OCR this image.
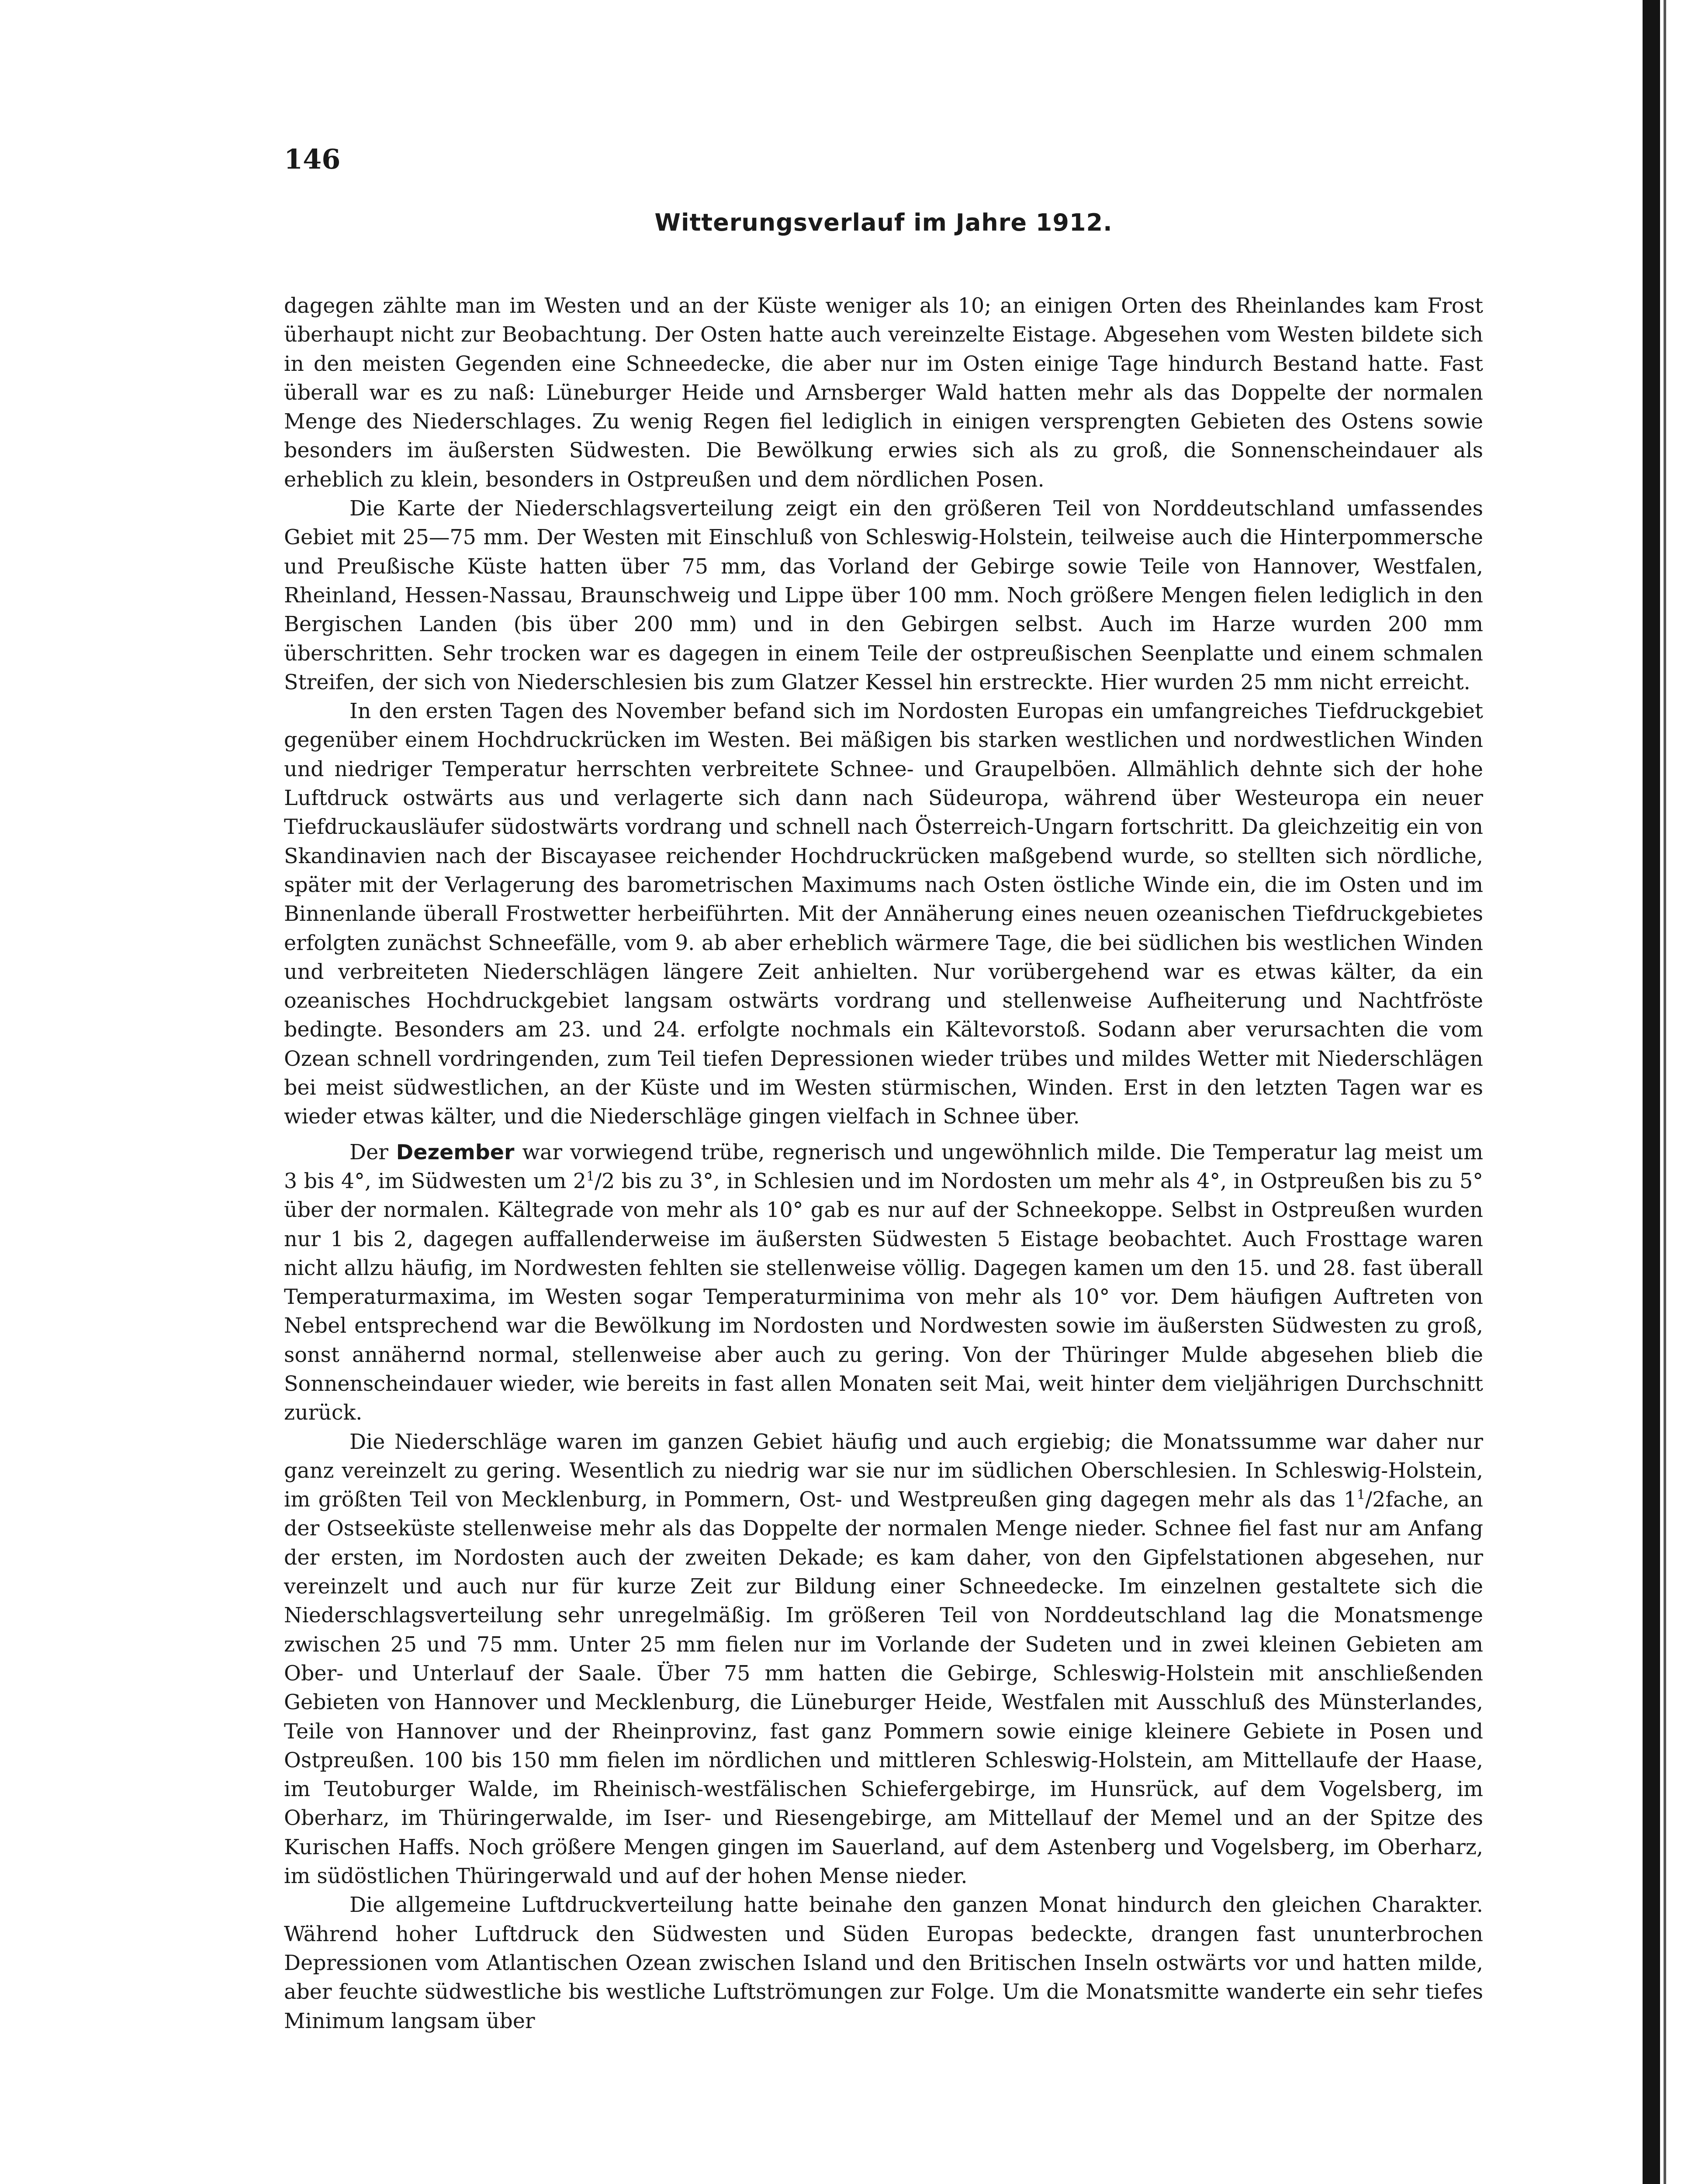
146
Witterungsverlauf im Jahre 1912.

dagegen zählte man im Westen und an der Küste weniger als 10; an einigen Orten des Rheinlandes kam Frost überhaupt nicht zur Beobachtung. Der Osten hatte auch vereinzelte Eistage. Abgesehen vom Westen bildete sich in den meisten Gegenden eine Schneedecke, die aber nur im Osten einige Tage hindurch Bestand hatte. Fast überall war es zu naß: Lüneburger Heide und Arnsberger Wald hatten mehr als das Doppelte der normalen Menge des Niederschlages. Zu wenig Regen fiel lediglich in einigen versprengten Gebieten des Ostens sowie besonders im äußersten Südwesten. Die Bewölkung erwies sich als zu groß, die Sonnenscheindauer als erheblich zu klein, besonders in Ostpreußen und dem nördlichen Posen.

Die Karte der Niederschlagsverteilung zeigt ein den größeren Teil von Norddeutschland umfassendes Gebiet mit 25—75 mm. Der Westen mit Einschluß von Schleswig-Holstein, teilweise auch die Hinterpommersche und Preußische Küste hatten über 75 mm, das Vorland der Gebirge sowie Teile von Hannover, Westfalen, Rheinland, Hessen-Nassau, Braunschweig und Lippe über 100 mm. Noch größere Mengen fielen lediglich in den Bergischen Landen (bis über 200 mm) und in den Gebirgen selbst. Auch im Harze wurden 200 mm überschritten. Sehr trocken war es dagegen in einem Teile der ostpreußischen Seenplatte und einem schmalen Streifen, der sich von Niederschlesien bis zum Glatzer Kessel hin erstreckte. Hier wurden 25 mm nicht erreicht.

In den ersten Tagen des November befand sich im Nordosten Europas ein umfangreiches Tiefdruckgebiet gegenüber einem Hochdruckrücken im Westen. Bei mäßigen bis starken westlichen und nordwestlichen Winden und niedriger Temperatur herrschten verbreitete Schnee- und Graupelböen. Allmählich dehnte sich der hohe Luftdruck ostwärts aus und verlagerte sich dann nach Südeuropa, während über Westeuropa ein neuer Tiefdruckausläufer südostwärts vordrang und schnell nach Österreich-Ungarn fortschritt. Da gleichzeitig ein von Skandinavien nach der Biscayasee reichender Hochdruckrücken maßgebend wurde, so stellten sich nördliche, später mit der Verlagerung des barometrischen Maximums nach Osten östliche Winde ein, die im Osten und im Binnenlande überall Frostwetter herbeiführten. Mit der Annäherung eines neuen ozeanischen Tiefdruckgebietes erfolgten zunächst Schneefälle, vom 9. ab aber erheblich wärmere Tage, die bei südlichen bis westlichen Winden und verbreiteten Niederschlägen längere Zeit anhielten. Nur vorübergehend war es etwas kälter, da ein ozeanisches Hochdruckgebiet langsam ostwärts vordrang und stellenweise Aufheiterung und Nachtfröste bedingte. Besonders am 23. und 24. erfolgte nochmals ein Kältevorstoß. Sodann aber verursachten die vom Ozean schnell vordringenden, zum Teil tiefen Depressionen wieder trübes und mildes Wetter mit Niederschlägen bei meist südwestlichen, an der Küste und im Westen stürmischen, Winden. Erst in den letzten Tagen war es wieder etwas kälter, und die Niederschläge gingen vielfach in Schnee über.

Der Dezember war vorwiegend trübe, regnerisch und ungewöhnlich milde. Die Temperatur lag meist um 3 bis 4°, im Südwesten um $2^1/2$ bis zu 3°, in Schlesien und im Nordosten um mehr als 4°, in Ostpreußen bis zu 5° über der normalen. Kältegrade von mehr als 10° gab es nur auf der Schneekoppe. Selbst in Ostpreußen wurden nur 1 bis 2, dagegen auffallenderweise im äußersten Südwesten 5 Eistage beobachtet. Auch Frosttage waren nicht allzu häufig, im Nordwesten fehlten sie stellenweise völlig. Dagegen kamen um den 15. und 28. fast überall Temperaturmaxima, im Westen sogar Temperaturminima von mehr als 10° vor. Dem häufigen Auftreten von Nebel entsprechend war die Bewölkung im Nordosten und Nordwesten sowie im äußersten Südwesten zu groß, sonst annähernd normal, stellenweise aber auch zu gering. Von der Thüringer Mulde abgesehen blieb die Sonnenscheindauer wieder, wie bereits in fast allen Monaten seit Mai, weit hinter dem vieljährigen Durchschnitt zurück.

Die Niederschläge waren im ganzen Gebiet häufig und auch ergiebig; die Monatssumme war daher nur ganz vereinzelt zu gering. Wesentlich zu niedrig war sie nur im südlichen Oberschlesien. In Schleswig-Holstein, im größten Teil von Mecklenburg, in Pommern, Ost- und Westpreußen ging dagegen mehr als das $1^1/2fache$, an der Ostseeküste stellenweise mehr als das Doppelte der normalen Menge nieder. Schnee fiel fast nur am Anfang der ersten, im Nordosten auch der zweiten Dekade; es kam daher, von den Gipfelstationen abgesehen, nur vereinzelt und auch nur für kurze Zeit zur Bildung einer Schneedecke. Im einzelnen gestaltete sich die Niederschlagsverteilung sehr unregelmäßig. Im größeren Teil von Norddeutschland lag die Monatsmenge zwischen 25 und 75 mm. Unter 25 mm fielen nur im Vorlande der Sudeten und in zwei kleinen Gebieten am Ober- und Unterlauf der Saale. Über 75 mm hatten die Gebirge, Schleswig-Holstein mit anschließenden Gebieten von Hannover und Mecklenburg, die Lüneburger Heide, Westfalen mit Ausschluß des Münsterlandes, Teile von Hannover und der Rheinprovinz, fast ganz Pommern sowie einige kleinere Gebiete in Posen und Ostpreußen. 100 bis 150 mm fielen im nördlichen und mittleren Schleswig-Holstein, am Mittellaufe der Haase, im Teutoburger Walde, im Rheinisch-westfälischen Schiefergebirge, im Hunsrück, auf dem Vogelsberg, im Oberharz, im Thüringerwalde, im Iser- und Riesengebirge, am Mittellauf der Memel und an der Spitze des Kurischen Haffs. Noch größere Mengen gingen im Sauerland, auf dem Astenberg und Vogelsberg, im Oberharz, im südöstlichen Thüringerwald und auf der hohen Mense nieder.

Die allgemeine Luftdruckverteilung hatte beinahe den ganzen Monat hindurch den gleichen Charakter. Während hoher Luftdruck den Südwesten und Süden Europas bedeckte, drangen fast ununterbrochen Depressionen vom Atlantischen Ozean zwischen Island und den Britischen Inseln ostwärts vor und hatten milde, aber feuchte südwestliche bis westliche Luftströmungen zur Folge. Um die Monatsmitte wanderte ein sehr tiefes Minimum langsam über
